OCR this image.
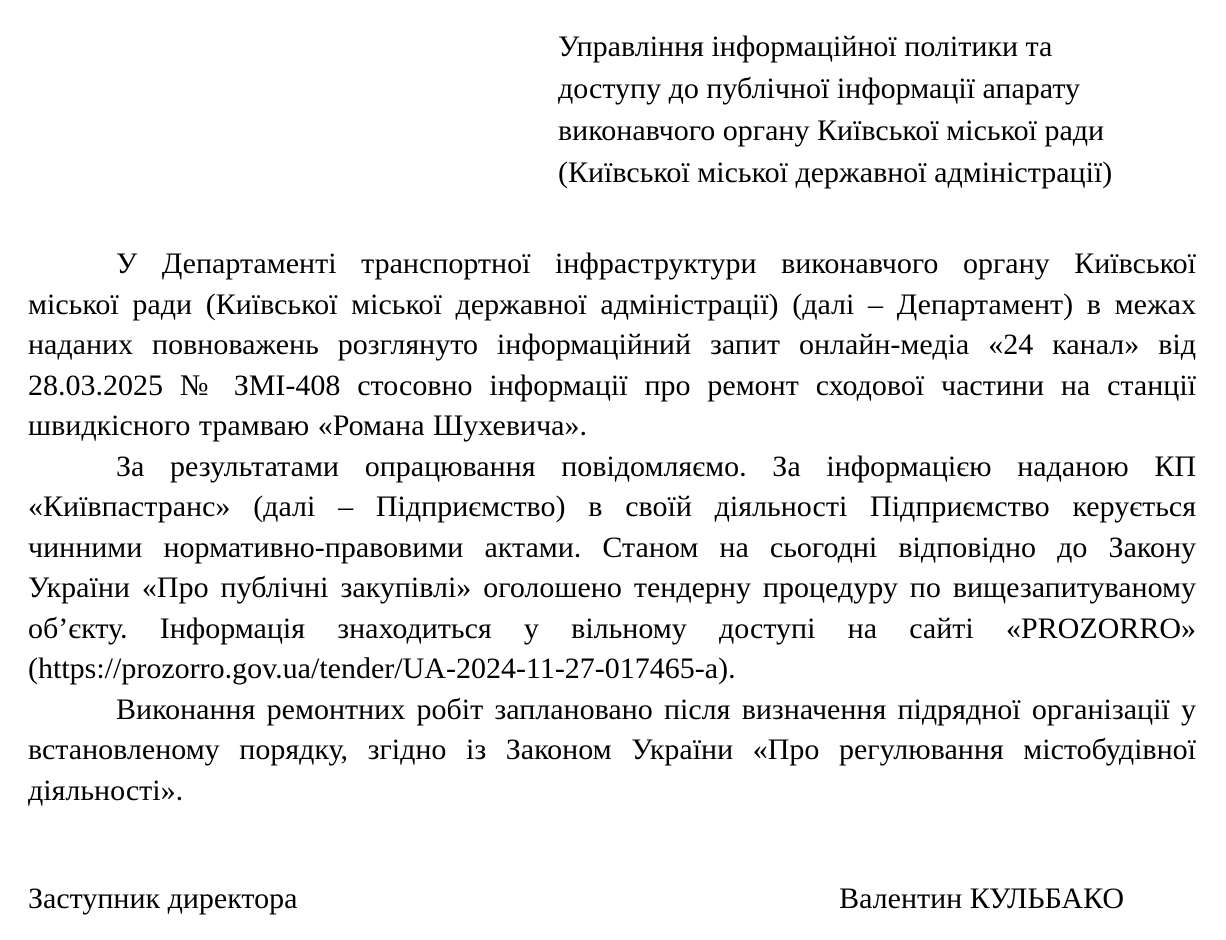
Управління інформаційної політики та
доступу до публічної інформації апарату
виконавчого органу Київської міської ради
(Київської міської державної адміністрації)

У Департаменті транспортної інфраструктури виконавчого органу Київської міської ради (Київської міської державної адміністрації) (далі – Департамент) в межах наданих повноважень розглянуто інформаційний запит онлайн-медіа «24 канал» від 28.03.2025 № ЗМІ-408 стосовно інформації про ремонт сходової частини на станції швидкісного трамваю «Романа Шухевича».

За результатами опрацювання повідомляємо. За інформацією наданою КП «Київпастранс» (далі – Підприємство) в своїй діяльності Підприємство керується чинними нормативно-правовими актами. Станом на сьогодні відповідно до Закону України «Про публічні закупівлі» оголошено тендерну процедуру по вищезапитуваному об’єкту. Інформація знаходиться у вільному доступі на сайті «PROZORRO» (https://prozorro.gov.ua/tender/UA-2024-11-27-017465-a).

Виконання ремонтних робіт заплановано після визначення підрядної організації у встановленому порядку, згідно із Законом України «Про регулювання містобудівної діяльності».

Заступник директора	Валентин КУЛЬБАКО
